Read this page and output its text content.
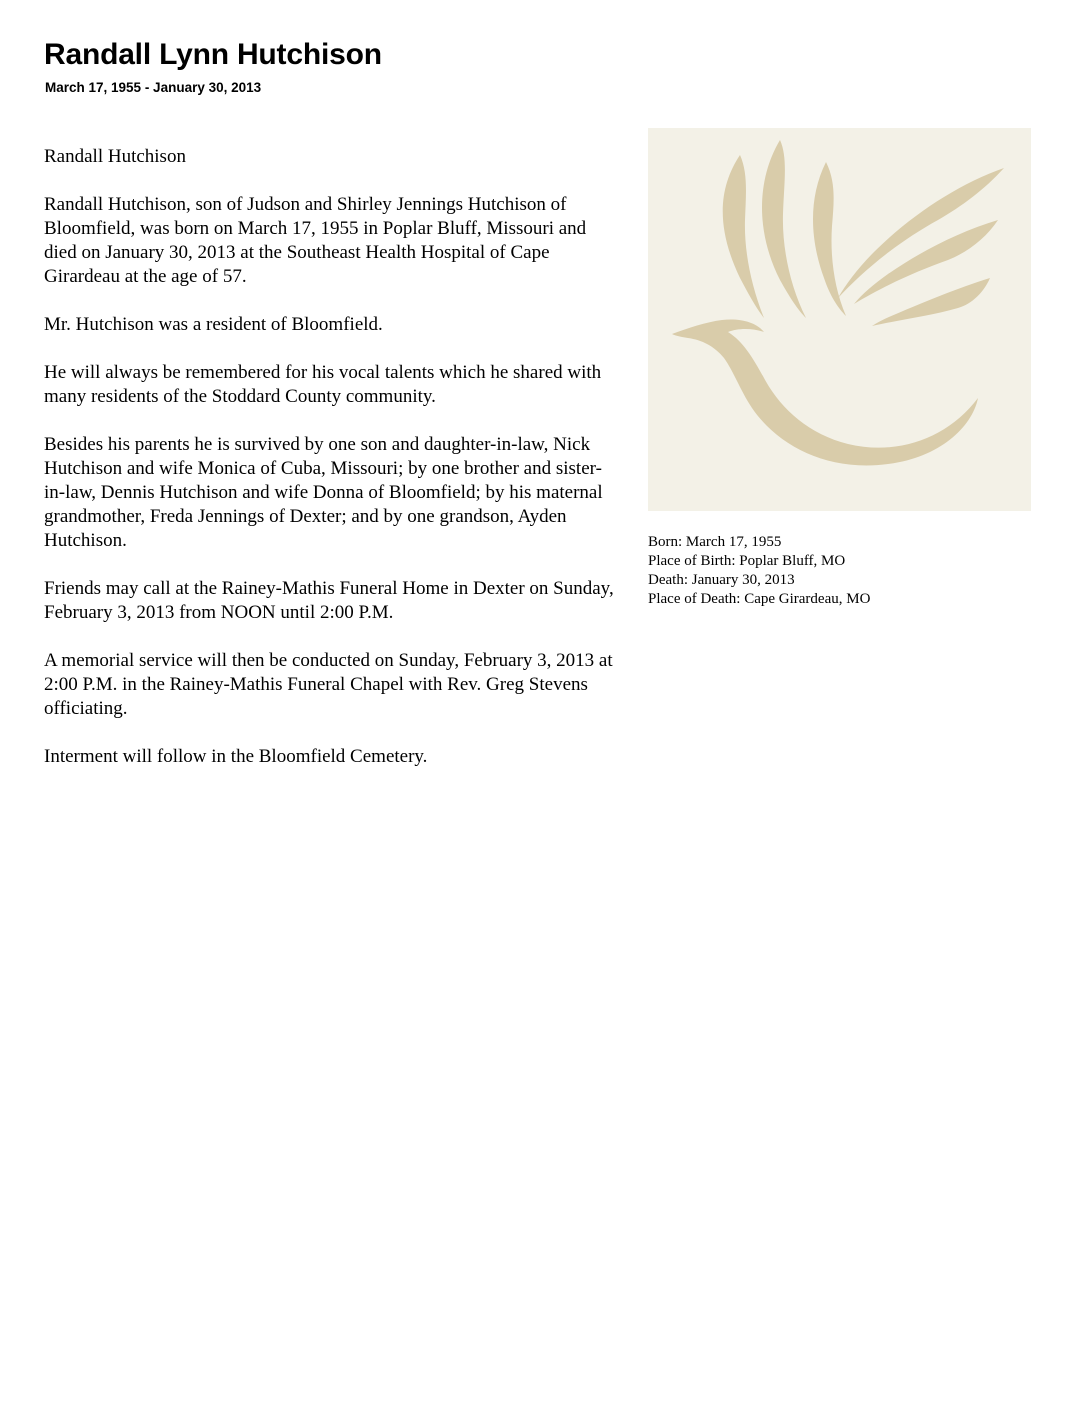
Randall Lynn Hutchison
March 17, 1955 - January 30, 2013

Randall Hutchison

Randall Hutchison, son of Judson and Shirley Jennings Hutchison of Bloomfield, was born on March 17, 1955 in Poplar Bluff, Missouri and died on January 30, 2013 at the Southeast Health Hospital of Cape Girardeau at the age of 57.

Mr. Hutchison was a resident of Bloomfield.

He will always be remembered for his vocal talents which he shared with many residents of the Stoddard County community.

Besides his parents he is survived by one son and daughter-in-law, Nick Hutchison and wife Monica of Cuba, Missouri; by one brother and sister-in-law, Dennis Hutchison and wife Donna of Bloomfield; by his maternal grandmother, Freda Jennings of Dexter; and by one grandson, Ayden Hutchison.

Friends may call at the Rainey-Mathis Funeral Home in Dexter on Sunday, February 3, 2013 from NOON until 2:00 P.M.

A memorial service will then be conducted on Sunday, February 3, 2013 at 2:00 P.M. in the Rainey-Mathis Funeral Chapel with Rev. Greg Stevens officiating.

Interment will follow in the Bloomfield Cemetery.

Born: March 17, 1955
Place of Birth: Poplar Bluff, MO
Death: January 30, 2013
Place of Death: Cape Girardeau, MO
